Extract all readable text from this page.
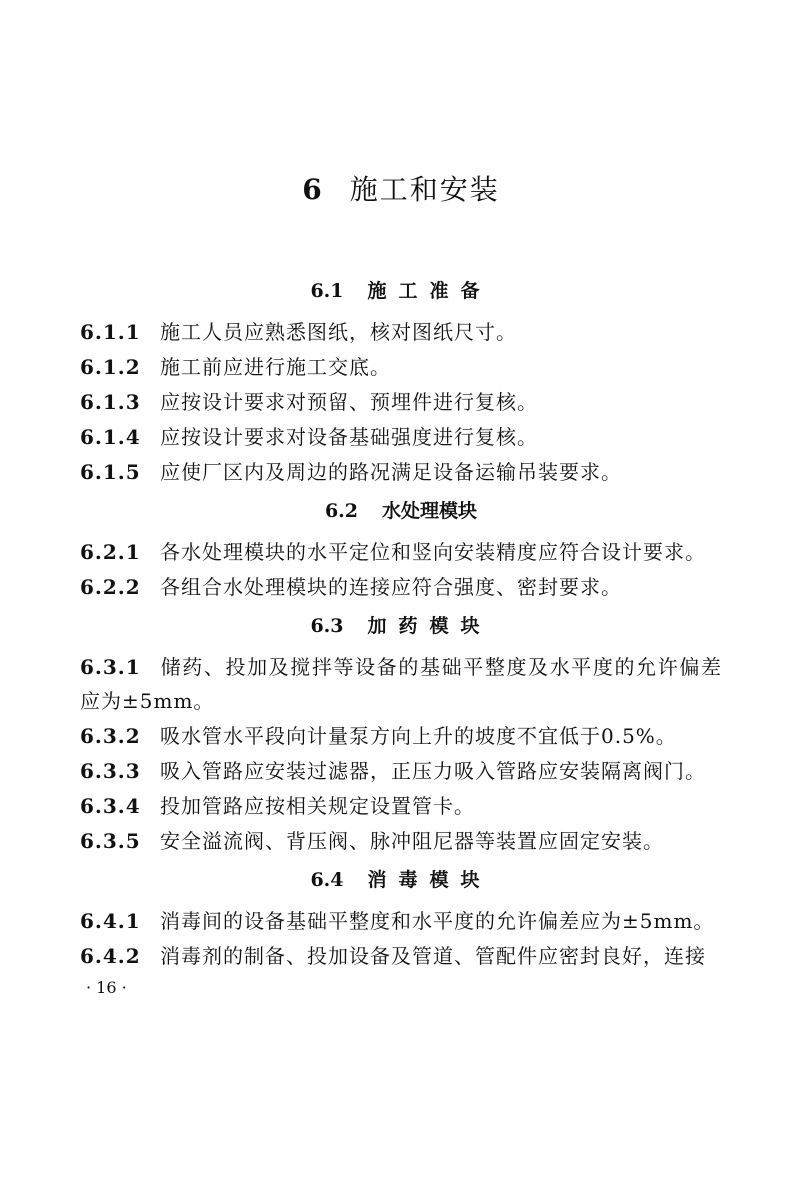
6 施工和安装
6.1 施工准备
6.1.1 施工人员应熟悉图纸，核对图纸尺寸。
6.1.2 施工前应进行施工交底。
6.1.3 应按设计要求对预留、预埋件进行复核。
6.1.4 应按设计要求对设备基础强度进行复核。
6.1.5 应使厂区内及周边的路况满足设备运输吊装要求。
6.2 水处理模块
6.2.1 各水处理模块的水平定位和竖向安装精度应符合设计要求。
6.2.2 各组合水处理模块的连接应符合强度、密封要求。
6.3 加药模块
6.3.1 储药、投加及搅拌等设备的基础平整度及水平度的允许偏差应为±5mm。
6.3.2 吸水管水平段向计量泵方向上升的坡度不宜低于0.5%。
6.3.3 吸入管路应安装过滤器，正压力吸入管路应安装隔离阀门。
6.3.4 投加管路应按相关规定设置管卡。
6.3.5 安全溢流阀、背压阀、脉冲阻尼器等装置应固定安装。
6.4 消毒模块
6.4.1 消毒间的设备基础平整度和水平度的允许偏差应为±5mm。
6.4.2 消毒剂的制备、投加设备及管道、管配件应密封良好，连接
· 16 ·
